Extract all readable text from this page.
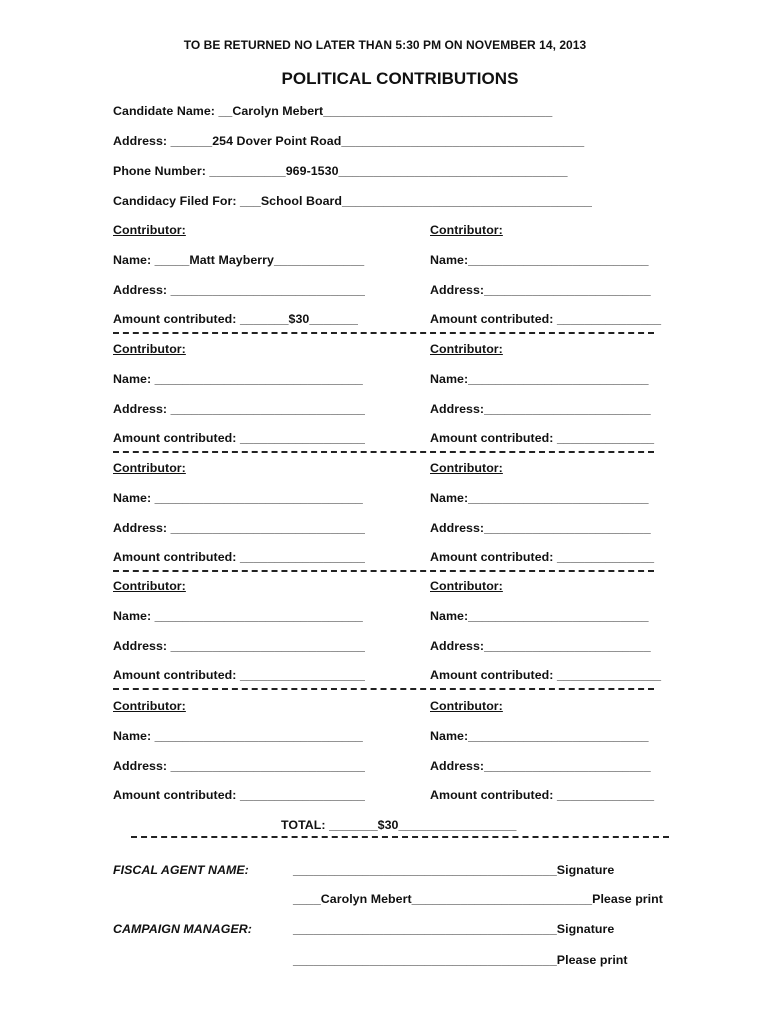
TO BE RETURNED NO LATER THAN 5:30 PM ON NOVEMBER 14, 2013
POLITICAL CONTRIBUTIONS
Candidate Name: __Carolyn Mebert_________________________________
Address: ______254 Dover Point Road___________________________________
Phone Number: ___________969-1530_________________________________
Candidacy Filed For: ___School Board____________________________________
Contributor:
Name: _____Matt Mayberry_____________
Address: ____________________________
Amount contributed: _______$30_______
Contributor:
Name:__________________________
Address:________________________
Amount contributed: _______________
Contributor:
Name: ______________________________
Address: ____________________________
Amount contributed: __________________
Contributor:
Name:__________________________
Address:________________________
Amount contributed: ______________
Contributor:
Name: ______________________________
Address: ____________________________
Amount contributed: __________________
Contributor:
Name:__________________________
Address:________________________
Amount contributed: ______________
Contributor:
Name: ______________________________
Address: ____________________________
Amount contributed: __________________
Contributor:
Name:__________________________
Address:________________________
Amount contributed: _______________
Contributor:
Name: ______________________________
Address: ____________________________
Amount contributed: __________________
Contributor:
Name:__________________________
Address:________________________
Amount contributed: ______________
TOTAL: _______$30_________________
FISCAL AGENT NAME:	______________________________________Signature
____Carolyn Mebert__________________________Please print
CAMPAIGN MANAGER:	______________________________________Signature
______________________________________Please print
